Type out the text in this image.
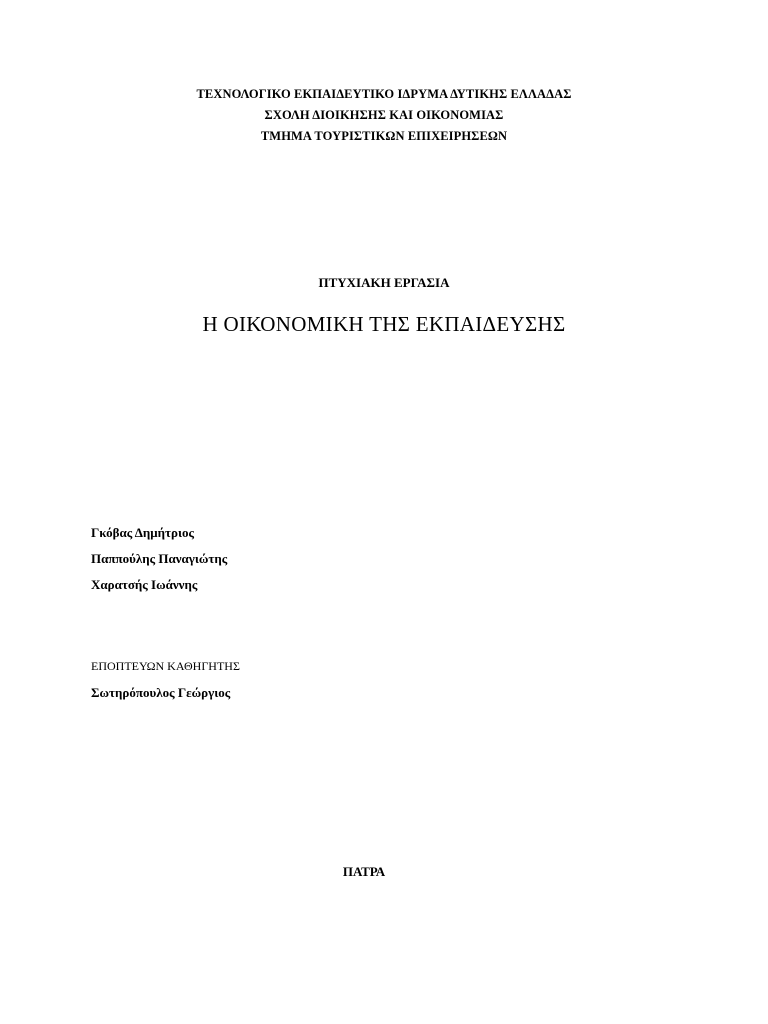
ΤΕΧΝΟΛΟΓΙΚΟ ΕΚΠΑΙΔΕΥΤΙΚΟ ΙΔΡΥΜΑ ΔΥΤΙΚΗΣ ΕΛΛΑΔΑΣ
ΣΧΟΛΗ ΔΙΟΙΚΗΣΗΣ ΚΑΙ ΟΙΚΟΝΟΜΙΑΣ
ΤΜΗΜΑ ΤΟΥΡΙΣΤΙΚΩΝ ΕΠΙΧΕΙΡΗΣΕΩΝ
ΠΤΥΧΙΑΚΗ ΕΡΓΑΣΙΑ
Η ΟΙΚΟΝΟΜΙΚΗ ΤΗΣ ΕΚΠΑΙΔΕΥΣΗΣ
Γκόβας Δημήτριος
Παππούλης Παναγιώτης
Χαρατσής Ιωάννης
ΕΠΟΠΤΕΥΩΝ ΚΑΘΗΓΗΤΗΣ
Σωτηρόπουλος Γεώργιος
ΠΑΤΡΑ
